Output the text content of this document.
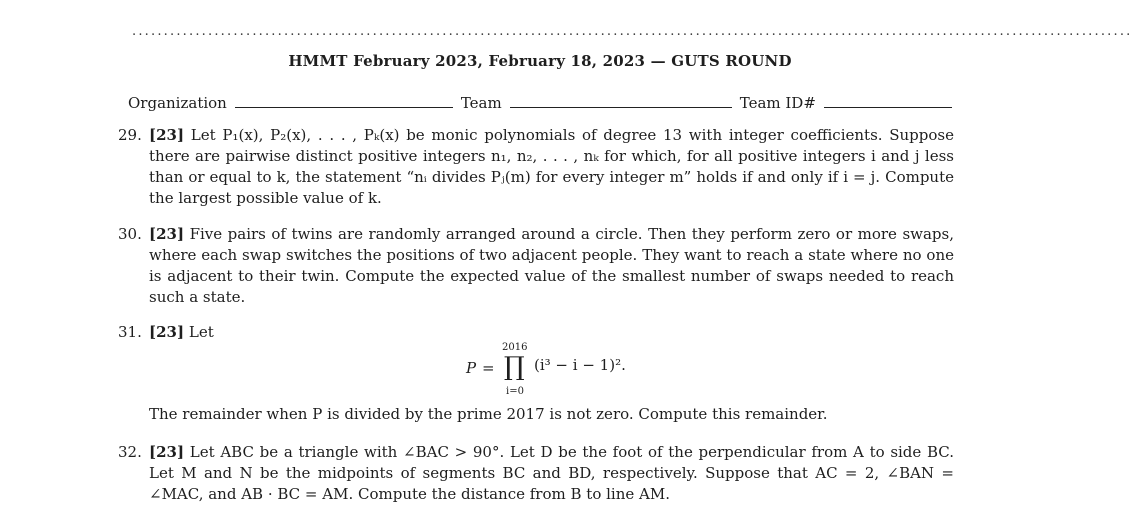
..............................................................................................................................................................
HMMT February 2023, February 18, 2023 — GUTS ROUND
Organization	Team	Team ID#
29. [23] Let P₁(x), P₂(x), . . . , Pₖ(x) be monic polynomials of degree 13 with integer coefficients. Suppose there are pairwise distinct positive integers n₁, n₂, . . . , nₖ for which, for all positive integers i and j less than or equal to k, the statement “nᵢ divides Pⱼ(m) for every integer m” holds if and only if i = j. Compute the largest possible value of k.
30. [23] Five pairs of twins are randomly arranged around a circle. Then they perform zero or more swaps, where each swap switches the positions of two adjacent people. They want to reach a state where no one is adjacent to their twin. Compute the expected value of the smallest number of swaps needed to reach such a state.
31. [23] Let
P =
2016
∏
i=0
(i³ − i − 1)².
The remainder when P is divided by the prime 2017 is not zero. Compute this remainder.
32. [23] Let ABC be a triangle with ∠BAC > 90°. Let D be the foot of the perpendicular from A to side BC. Let M and N be the midpoints of segments BC and BD, respectively. Suppose that AC = 2, ∠BAN = ∠MAC, and AB · BC = AM. Compute the distance from B to line AM.
